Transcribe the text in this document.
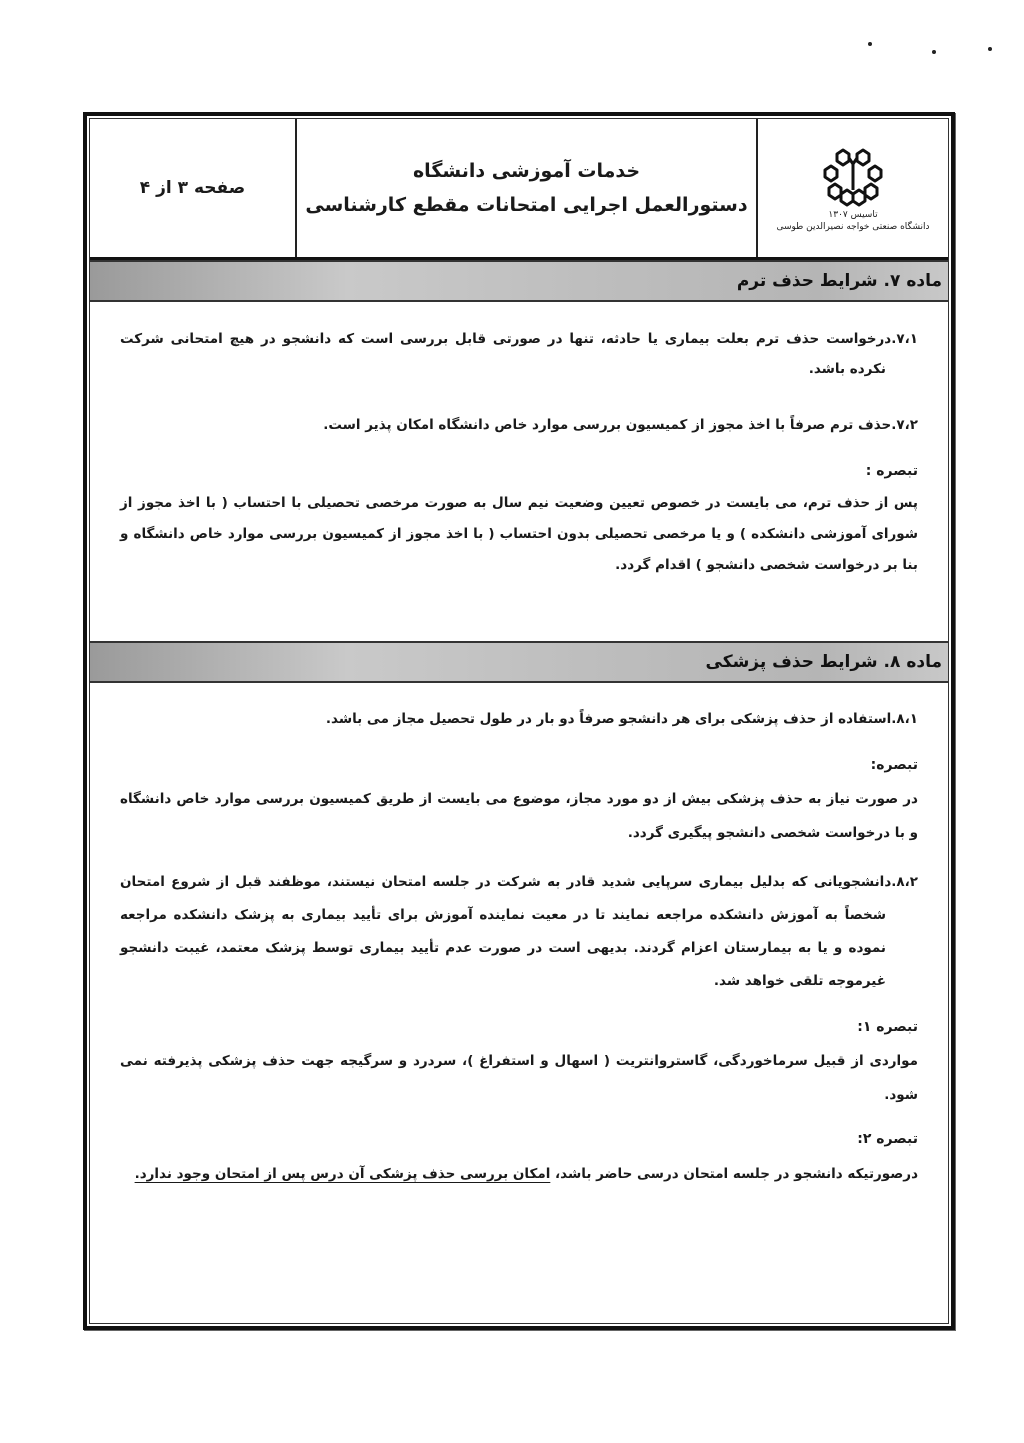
صفحه ۳ از ۴
خدمات آموزشی دانشگاه
دستورالعمل اجرایی امتحانات مقطع کارشناسی	تاسیس ۱۳۰۷
دانشگاه صنعتی خواجه نصیرالدین طوسی
ماده ۷. شرایط حذف ترم

۷،۱.درخواست حذف ترم بعلت بیماری یا حادثه، تنها در صورتی قابل بررسی است که دانشجو در هیچ امتحانی شرکت نکرده باشد.

۷،۲.حذف ترم صرفاً با اخذ مجوز از کمیسیون بررسی موارد خاص دانشگاه امکان پذیر است.

تبصره :

پس از حذف ترم، می بایست در خصوص تعیین وضعیت نیم سال به صورت مرخصی تحصیلی با احتساب ( با اخذ مجوز از شورای آموزشی دانشکده ) و یا مرخصی تحصیلی بدون احتساب ( با اخذ مجوز از کمیسیون بررسی موارد خاص دانشگاه و بنا بر درخواست شخصی دانشجو ) اقدام گردد.

ماده ۸. شرایط حذف پزشکی

۸،۱.استفاده از حذف پزشکی برای هر دانشجو صرفاً دو بار در طول تحصیل مجاز می باشد.

تبصره:

در صورت نیاز به حذف پزشکی بیش از دو مورد مجاز، موضوع می بایست از طریق کمیسیون بررسی موارد خاص دانشگاه و با درخواست شخصی دانشجو پیگیری گردد.

۸،۲.دانشجویانی که بدلیل بیماری سرپایی شدید قادر به شرکت در جلسه امتحان نیستند، موظفند قبل از شروع امتحان شخصاً به آموزش دانشکده مراجعه نمایند تا در معیت نماینده آموزش برای تأیید بیماری به پزشک دانشکده مراجعه نموده و یا به بیمارستان اعزام گردند. بدیهی است در صورت عدم تأیید بیماری توسط پزشک معتمد، غیبت دانشجو غیرموجه تلقی خواهد شد.

تبصره ۱:

مواردی از قبیل سرماخوردگی، گاستروانتریت ( اسهال و استفراغ )، سردرد و سرگیجه جهت حذف پزشکی پذیرفته نمی شود.

تبصره ۲:

درصورتیکه دانشجو در جلسه امتحان درسی حاضر باشد، امکان بررسی حذف پزشکی آن درس پس از امتحان وجود ندارد.
